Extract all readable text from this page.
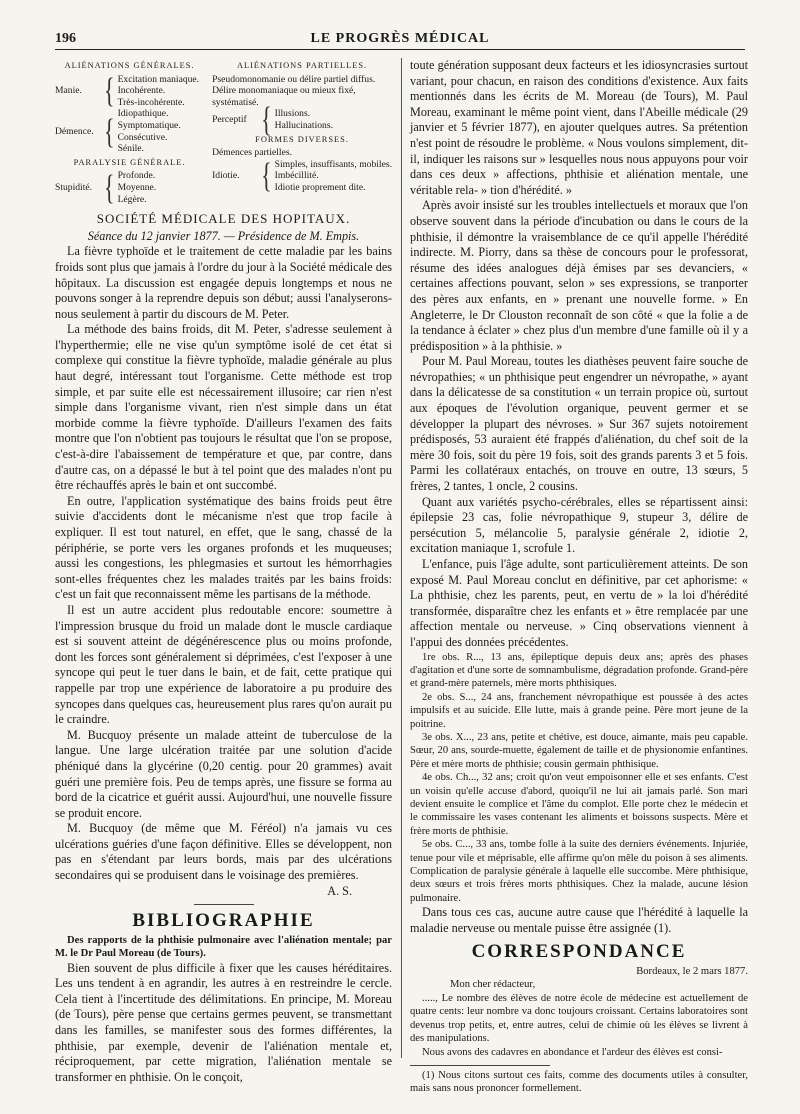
196	LE PROGRÈS MÉDICAL
ALIÉNATIONS GÉNÉRALES.
Manie.	{ Excitation maniaque.
Incohérente.
Très-incohérente.
Démence. { Idiopathique.
Symptomatique.
Consécutive.
Sénile.
PARALYSIE GÉNÉRALE.
Stupidité. { Profonde.
Moyenne.
Légère.
ALIÉNATIONS PARTIELLES.
Pseudomonomanie ou délire partiel diffus.
Délire monomaniaque ou mieux fixé, systématisé.
Perceptif { Illusions.
Hallucinations.
FORMES DIVERSES.
Démences partielles.
Idiotie. { Simples, insuffisants, mobiles.
Imbécillité.
Idiotie proprement dite.
SOCIÉTÉ MÉDICALE DES HOPITAUX.

Séance du 12 janvier 1877. — Présidence de M. Empis.

La fièvre typhoïde et le traitement de cette maladie par les bains froids sont plus que jamais à l'ordre du jour à la Société médicale des hôpitaux. La discussion est engagée depuis longtemps et nous ne pouvons songer à la reprendre depuis son début; aussi l'analyserons-nous seulement à partir du discours de M. Peter.

La méthode des bains froids, dit M. Peter, s'adresse seulement à l'hyperthermie; elle ne vise qu'un symptôme isolé de cet état si complexe qui constitue la fièvre typhoïde, maladie générale au plus haut degré, intéressant tout l'organisme. Cette méthode est trop simple, et par suite elle est nécessairement illusoire; car rien n'est simple dans l'organisme vivant, rien n'est simple dans un état morbide comme la fièvre typhoïde. D'ailleurs l'examen des faits montre que l'on n'obtient pas toujours le résultat que l'on se propose, c'est-à-dire l'abaissement de température et que, par contre, dans d'autre cas, on a dépassé le but à tel point que des malades n'ont pu être réchauffés après le bain et ont succombé.

En outre, l'application systématique des bains froids peut être suivie d'accidents dont le mécanisme n'est que trop facile à expliquer. Il est tout naturel, en effet, que le sang, chassé de la périphérie, se porte vers les organes profonds et les muqueuses; aussi les congestions, les phlegmasies et surtout les hémorrhagies sont-elles fréquentes chez les malades traités par les bains froids: c'est un fait que reconnaissent même les partisans de la méthode.

Il est un autre accident plus redoutable encore: soumettre à l'impression brusque du froid un malade dont le muscle cardiaque est si souvent atteint de dégénérescence plus ou moins profonde, dont les forces sont généralement si déprimées, c'est l'exposer à une syncope qui peut le tuer dans le bain, et de fait, cette pratique qui rappelle par trop une expérience de laboratoire a pu produire des syncopes dans quelques cas, heureusement plus rares qu'on aurait pu le craindre.

M. Bucquoy présente un malade atteint de tuberculose de la langue. Une large ulcération traitée par une solution d'acide phéniqué dans la glycérine (0,20 centig. pour 20 grammes) avait guéri une première fois. Peu de temps après, une fissure se forma au bord de la cicatrice et guérit aussi. Aujourd'hui, une nouvelle fissure se produit encore.

M. Bucquoy (de même que M. Féréol) n'a jamais vu ces ulcérations guéries d'une façon définitive. Elles se développent, non pas en s'étendant par leurs bords, mais par des ulcérations secondaires qui se produisent dans le voisinage des premières.

A. S.

BIBLIOGRAPHIE

Des rapports de la phthisie pulmonaire avec l'aliénation mentale; par M. le Dr Paul Moreau (de Tours).

Bien souvent de plus difficile à fixer que les causes héréditaires. Les uns tendent à en agrandir, les autres à en restreindre le cercle. Cela tient à l'incertitude des délimitations. En principe, M. Moreau (de Tours), père pense que certains germes peuvent, se transmettant dans les familles, se manifester sous des formes différentes, la phthisie, par exemple, devenir de l'aliénation mentale et, réciproquement, par cette migration, l'aliénation mentale se transformer en phthisie. On le conçoit,

toute génération supposant deux facteurs et les idiosyncrasies surtout variant, pour chacun, en raison des conditions d'existence. Aux faits mentionnés dans les écrits de M. Moreau (de Tours), M. Paul Moreau, examinant le même point vient, dans l'Abeille médicale (29 janvier et 5 février 1877), en ajouter quelques autres. Sa prétention n'est point de résoudre le problème. « Nous voulons simplement, dit-il, indiquer les raisons sur » lesquelles nous nous appuyons pour voir dans ces deux » affections, phthisie et aliénation mentale, une véritable rela- » tion d'hérédité. »

Après avoir insisté sur les troubles intellectuels et moraux que l'on observe souvent dans la période d'incubation ou dans le cours de la phthisie, il démontre la vraisemblance de ce qu'il appelle l'hérédité indirecte. M. Piorry, dans sa thèse de concours pour le professorat, résume des idées analogues déjà émises par ses devanciers, « certaines affections pouvant, selon » ses expressions, se tranporter des pères aux enfants, en » prenant une nouvelle forme. » En Angleterre, le Dr Clouston reconnaît de son côté « que la folie a de la tendance à éclater » chez plus d'un membre d'une famille où il y a prédisposition » à la phthisie. »

Pour M. Paul Moreau, toutes les diathèses peuvent faire souche de névropathies; « un phthisique peut engendrer un névropathe, » ayant dans la délicatesse de sa constitution « un terrain propice où, surtout aux époques de l'évolution organique, peuvent germer et se développer la plupart des névroses. » Sur 367 sujets notoirement prédisposés, 53 auraient été frappés d'aliénation, du chef soit de la mère 30 fois, soit du père 19 fois, soit des grands parents 3 et 5 fois. Parmi les collatéraux entachés, on trouve en outre, 13 sœurs, 5 frères, 2 tantes, 1 oncle, 2 cousins.

Quant aux variétés psycho-cérébrales, elles se répartissent ainsi: épilepsie 23 cas, folie névropathique 9, stupeur 3, délire de persécution 5, mélancolie 5, paralysie générale 2, idiotie 2, excitation maniaque 1, scrofule 1.

L'enfance, puis l'âge adulte, sont particulièrement atteints. De son exposé M. Paul Moreau conclut en définitive, par cet aphorisme: « La phthisie, chez les parents, peut, en vertu de » la loi d'hérédité transformée, disparaître chez les enfants et » être remplacée par une affection mentale ou nerveuse. » Cinq observations viennent à l'appui des données précédentes.

1re obs. R..., 13 ans, épileptique depuis deux ans; après des phases d'agitation et d'une sorte de somnambulisme, dégradation profonde. Grand-père et grand-mère paternels, mère morts phthisiques.

2e obs. S..., 24 ans, franchement névropathique est poussée à des actes impulsifs et au suicide. Elle lutte, mais à grande peine. Père mort jeune de la poitrine.

3e obs. X..., 23 ans, petite et chétive, est douce, aimante, mais peu capable. Sœur, 20 ans, sourde-muette, également de taille et de physionomie enfantines. Père et mère morts de phthisie; cousin germain phthisique.

4e obs. Ch..., 32 ans; croit qu'on veut empoisonner elle et ses enfants. C'est un voisin qu'elle accuse d'abord, quoiqu'il ne lui ait jamais parlé. Son mari devient ensuite le complice et l'âme du complot. Elle porte chez le médecin et le commissaire les vases contenant les aliments et boissons suspects. Mère et frère morts de phthisie.

5e obs. C..., 33 ans, tombe folle à la suite des derniers événements. Injuriée, tenue pour vile et méprisable, elle affirme qu'on mêle du poison à ses aliments. Complication de paralysie générale à laquelle elle succombe. Mère phthisique, deux sœurs et trois frères morts phthisiques. Chez la malade, aucune lésion pulmonaire.

Dans tous ces cas, aucune autre cause que l'hérédité à laquelle la maladie nerveuse ou mentale puisse être assignée (1).

CORRESPONDANCE

Bordeaux, le 2 mars 1877.

Mon cher rédacteur,

....., Le nombre des élèves de notre école de médecine est actuellement de quatre cents: leur nombre va donc toujours croissant. Certains laboratoires sont devenus trop petits, et, entre autres, celui de chimie où les élèves se livrent à des manipulations.

Nous avons des cadavres en abondance et l'ardeur des élèves est consi-

(1) Nous citons surtout ces faits, comme des documents utiles à consulter, mais sans nous prononcer formellement.
